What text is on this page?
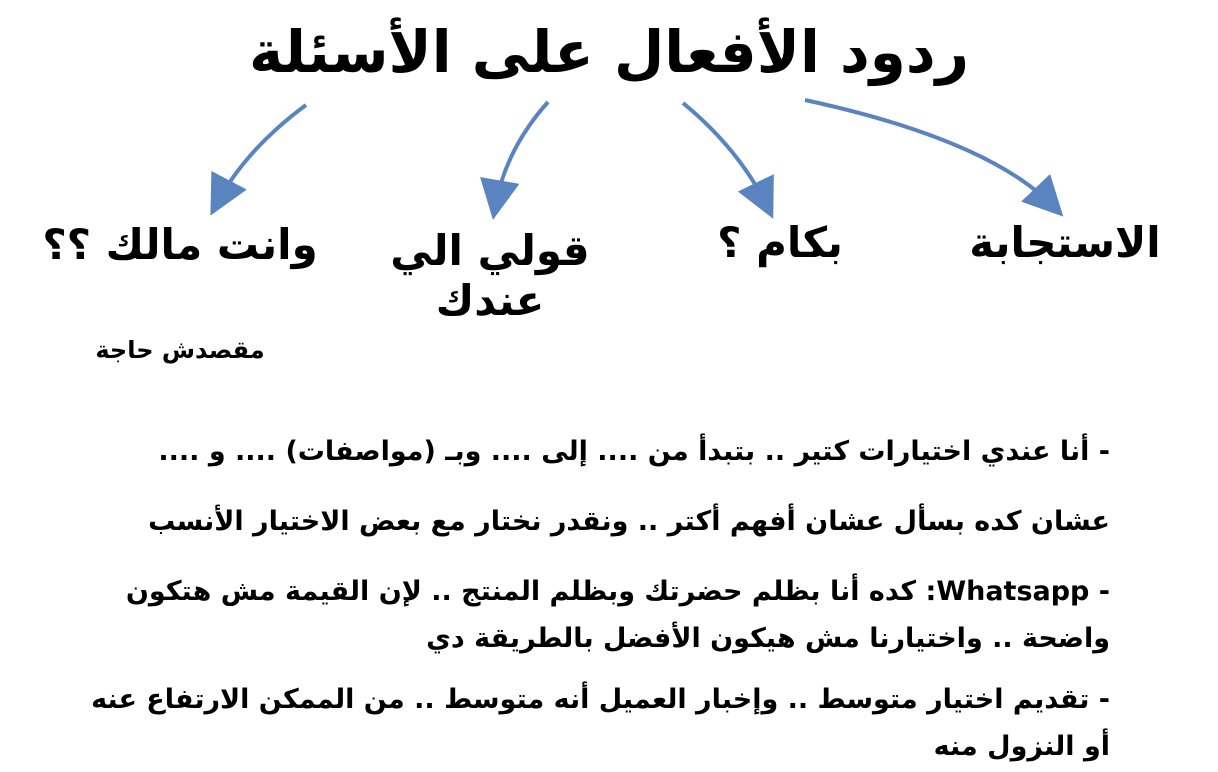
ردود الأفعال على الأسئلة
الاستجابة
بكام ؟
قولي الي عندك
وانت مالك ؟؟
مقصدش حاجة
- أنا عندي اختيارات كتير .. بتبدأ من .... إلى .... وبـ (مواصفات) .... و ....
عشان كده بسأل عشان أفهم أكتر .. ونقدر نختار مع بعض الاختيار الأنسب
- Whatsapp: كده أنا بظلم حضرتك وبظلم المنتج .. لإن القيمة مش هتكون واضحة .. واختيارنا مش هيكون الأفضل بالطريقة دي
- تقديم اختيار متوسط .. وإخبار العميل أنه متوسط .. من الممكن الارتفاع عنه أو النزول منه
